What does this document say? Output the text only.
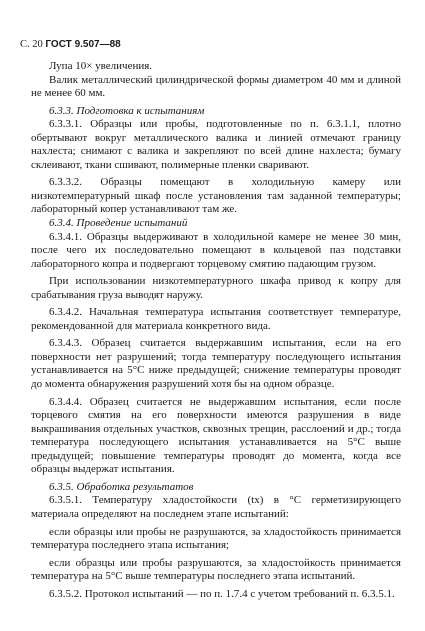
С. 20 ГОСТ 9.507—88

Лупа 10× увеличения.

Валик металлический цилиндрической формы диаметром 40 мм и длиной не менее 60 мм.

6.3.3. Подготовка к испытаниям

6.3.3.1. Образцы или пробы, подготовленные по п. 6.3.1.1, плотно обертывают вокруг металлического валика и линией отмечают границу нахлеста; снимают с валика и закрепляют по всей длине нахлеста; бумагу склеивают, ткани сшивают, полимерные пленки сваривают.

6.3.3.2. Образцы помещают в холодильную камеру или низкотемпературный шкаф после установления там заданной температуры; лабораторный копер устанавливают там же.

6.3.4. Проведение испытаний

6.3.4.1. Образцы выдерживают в холодильной камере не менее 30 мин, после чего их последовательно помещают в кольцевой паз подставки лабораторного копра и подвергают торцевому смятию падающим грузом.

При использовании низкотемпературного шкафа привод к копру для срабатывания груза выводят наружу.

6.3.4.2. Начальная температура испытания соответствует температуре, рекомендованной для материала конкретного вида.

6.3.4.3. Образец считается выдержавшим испытания, если на его поверхности нет разрушений; тогда температуру последующего испытания устанавливается на 5°С ниже предыдущей; снижение температуры проводят до момента обнаружения разрушений хотя бы на одном образце.

6.3.4.4. Образец считается не выдержавшим испытания, если после торцевого смятия на его поверхности имеются разрушения в виде выкрашивания отдельных участков, сквозных трещин, расслоений и др.; тогда температура последующего испытания устанавливается на 5°С выше предыдущей; повышение температуры проводят до момента, когда все образцы выдержат испытания.

6.3.5. Обработка результатов

6.3.5.1. Температуру хладостойкости (tх) в °С герметизирующего материала определяют на последнем этапе испытаний:

если образцы или пробы не разрушаются, за хладостойкость принимается температура последнего этапа испытания;

если образцы или пробы разрушаются, за хладостойкость принимается температура на 5°С выше температуры последнего этапа испытаний.

6.3.5.2. Протокол испытаний — по п. 1.7.4 с учетом требований п. 6.3.5.1.
